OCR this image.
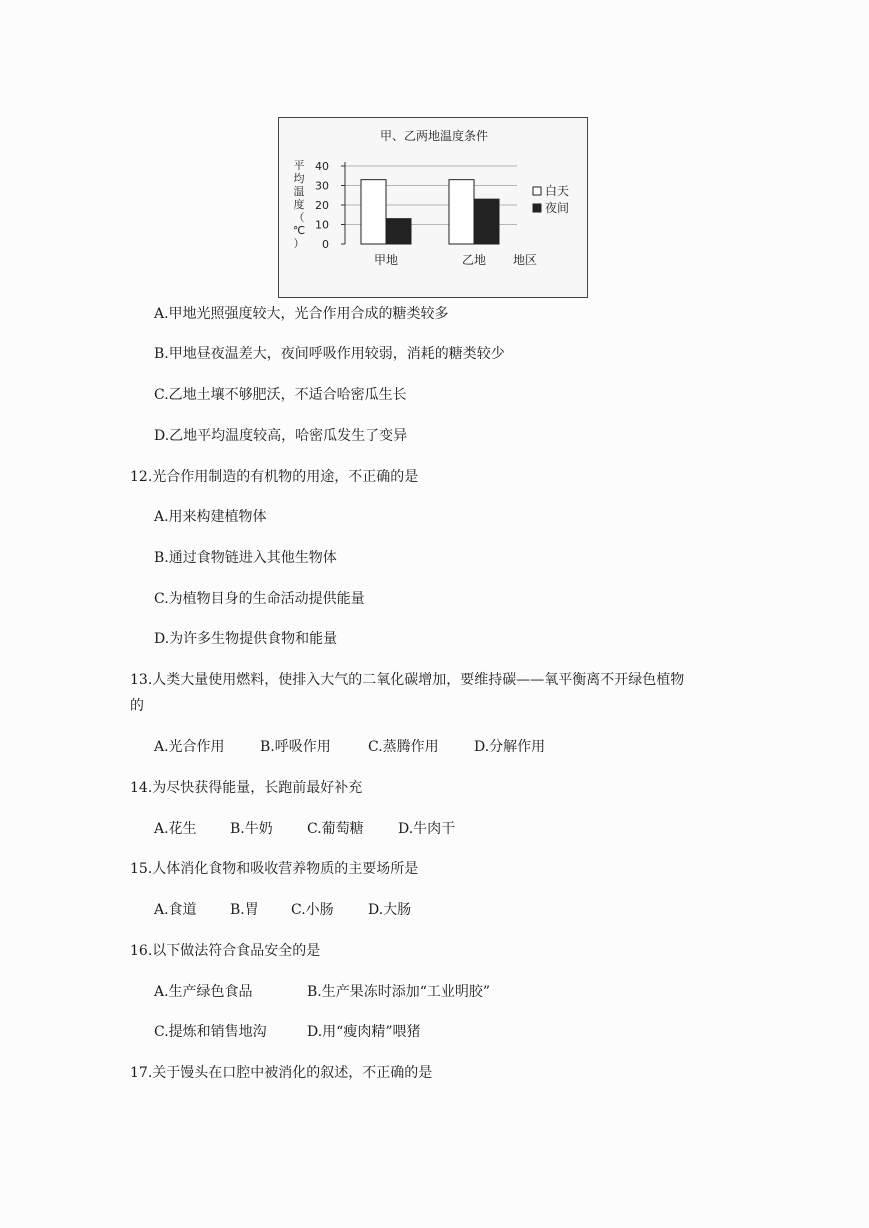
甲、乙两地温度条件
平
均
温
度
（
℃
） 0
10
20
30
40
甲地	乙地 地区
白天
夜间
A.甲地光照强度较大，光合作用合成的糖类较多
B.甲地昼夜温差大，夜间呼吸作用较弱，消耗的糖类较少
C.乙地土壤不够肥沃，不适合哈密瓜生长
D.乙地平均温度较高，哈密瓜发生了变异
12.光合作用制造的有机物的用途，不正确的是
A.用来构建植物体
B.通过食物链进入其他生物体
C.为植物目身的生命活动提供能量
D.为许多生物提供食物和能量
13.人类大量使用燃料，使排入大气的二氧化碳增加，要维持碳——氧平衡离不开绿色植物
的
A.光合作用	B.呼吸作用	C.蒸腾作用	D.分解作用
14.为尽快获得能量，长跑前最好补充
A.花生 B.牛奶 C.葡萄糖 D.牛肉干
15.人体消化食物和吸收营养物质的主要场所是
A.食道 B.胃 C.小肠 D.大肠
16.以下做法符合食品安全的是
A.生产绿色食品	B.生产果冻时添加“工业明胶”
C.提炼和销售地沟	D.用“瘦肉精”喂猪
17.关于馒头在口腔中被消化的叙述，不正确的是
